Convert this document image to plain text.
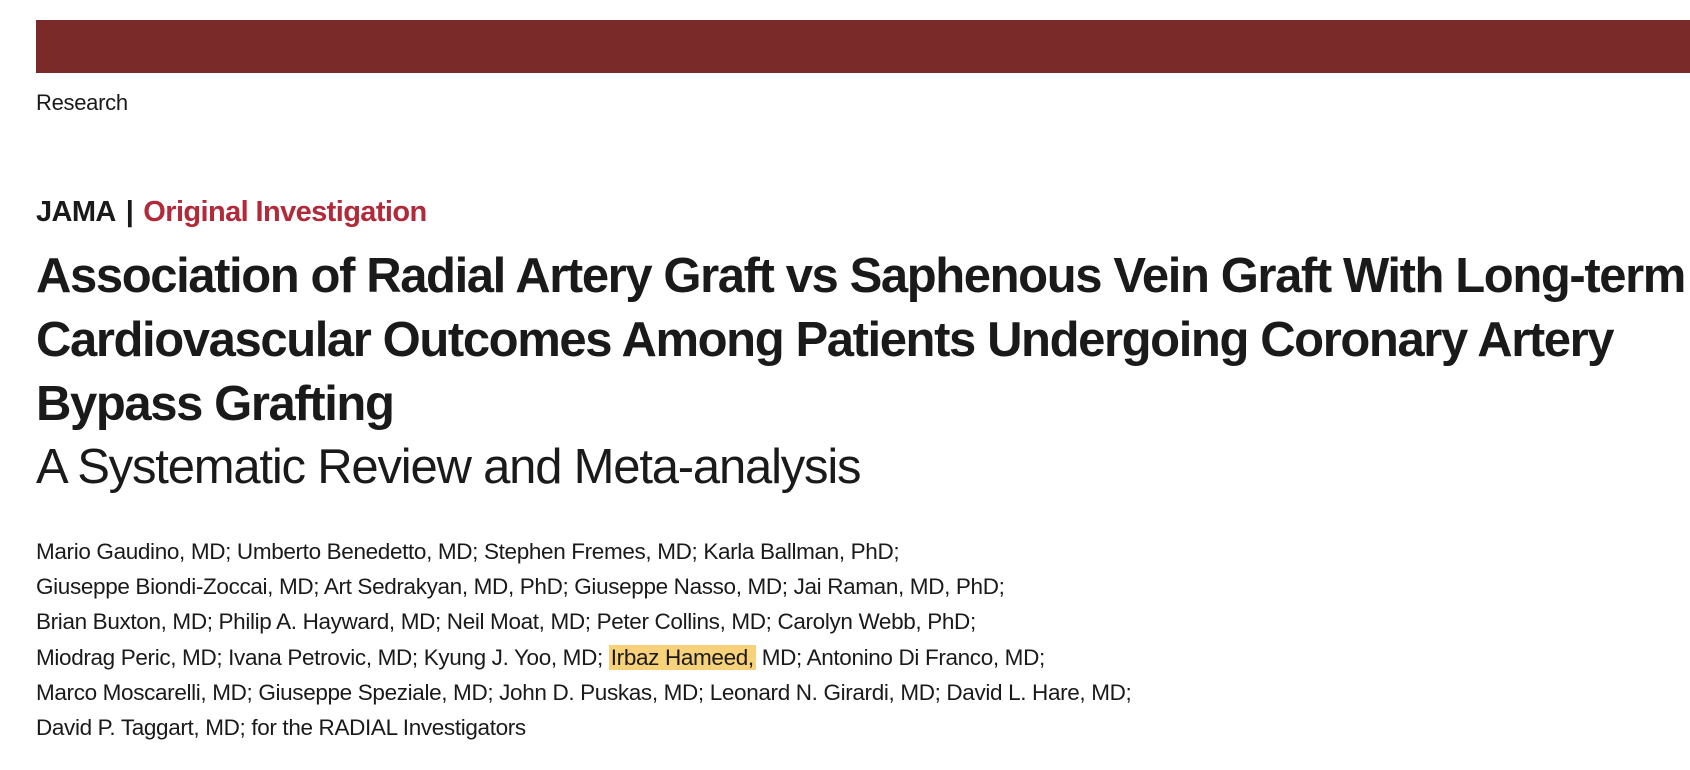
Research
JAMA | Original Investigation
Association of Radial Artery Graft vs Saphenous Vein Graft With Long-term
Cardiovascular Outcomes Among Patients Undergoing Coronary Artery
Bypass Grafting
A Systematic Review and Meta-analysis
Mario Gaudino, MD; Umberto Benedetto, MD; Stephen Fremes, MD; Karla Ballman, PhD;
Giuseppe Biondi-Zoccai, MD; Art Sedrakyan, MD, PhD; Giuseppe Nasso, MD; Jai Raman, MD, PhD;
Brian Buxton, MD; Philip A. Hayward, MD; Neil Moat, MD; Peter Collins, MD; Carolyn Webb, PhD;
Miodrag Peric, MD; Ivana Petrovic, MD; Kyung J. Yoo, MD; Irbaz Hameed, MD; Antonino Di Franco, MD;
Marco Moscarelli, MD; Giuseppe Speziale, MD; John D. Puskas, MD; Leonard N. Girardi, MD; David L. Hare, MD;
David P. Taggart, MD; for the RADIAL Investigators
